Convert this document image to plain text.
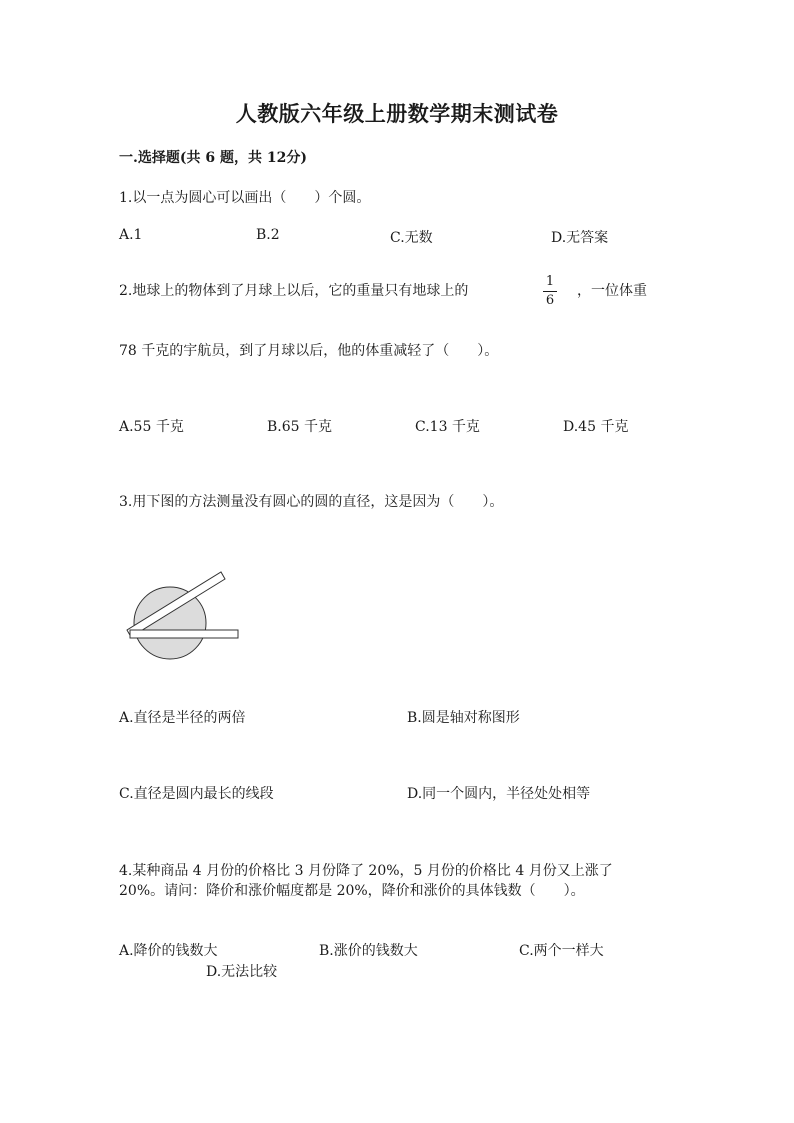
人教版六年级上册数学期末测试卷
一.选择题(共 6 题，共 12分)
1.以一点为圆心可以画出（　　）个圆。
A.1	B.2	C.无数	D.无答案
2.地球上的物体到了月球上以后，它的重量只有地球上的
1
6
，一位体重
78 千克的宇航员，到了月球以后，他的体重减轻了（　　）。
A.55 千克	B.65 千克	C.13 千克	D.45 千克
3.用下图的方法测量没有圆心的圆的直径，这是因为（　　）。
A.直径是半径的两倍	B.圆是轴对称图形
C.直径是圆内最长的线段	D.同一个圆内，半径处处相等
4.某种商品 4 月份的价格比 3 月份降了 20%，5 月份的价格比 4 月份又上涨了
20%。请问：降价和涨价幅度都是 20%，降价和涨价的具体钱数（　　）。
A.降价的钱数大	B.涨价的钱数大	C.两个一样大
D.无法比较
